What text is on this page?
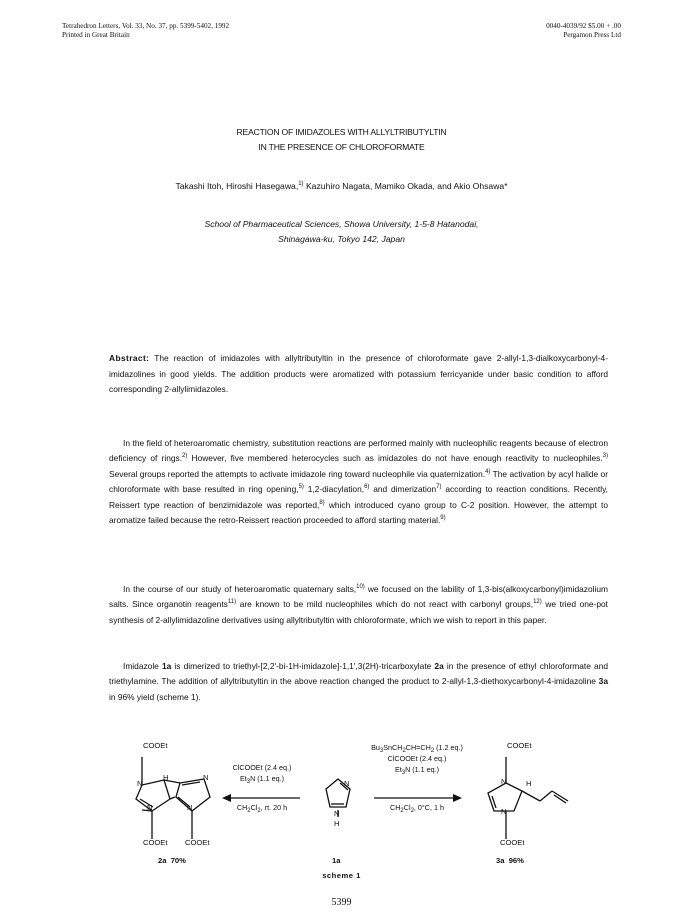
Tetrahedron Letters, Vol. 33, No. 37, pp. 5399-5402, 1992
Printed in Great Britain
0040-4039/92 $5.00 + .00
Pergamon Press Ltd
REACTION OF IMIDAZOLES WITH ALLYLTRIBUTYLTIN
IN THE PRESENCE OF CHLOROFORMATE
Takashi Itoh, Hiroshi Hasegawa,$^{1)}$ Kazuhiro Nagata, Mamiko Okada, and Akio Ohsawa*
School of Pharmaceutical Sciences, Showa University, 1-5-8 Hatanodai,
Shinagawa-ku, Tokyo 142, Japan

Abstract: The reaction of imidazoles with allyltributyltin in the presence of chloroformate gave 2-allyl-1,3-dialkoxycarbonyl-4-imidazolines in good yields. The addition products were aromatized with potassium ferricyanide under basic condition to afford corresponding 2-allylimidazoles.

In the field of heteroaromatic chemistry, substitution reactions are performed mainly with nucleophilic reagents because of electron deficiency of rings.$^{2)}$ However, five membered heterocycles such as imidazoles do not have enough reactivity to nucleophiles.$^{3)}$ Several groups reported the attempts to activate imidazole ring toward nucleophile via quaternization.$^{4)}$ The activation by acyl halide or chloroformate with base resulted in ring opening,$^{5)}$ 1,2-diacylation,$^{6)}$ and dimerization$^{7)}$ according to reaction conditions. Recently, Reissert type reaction of benzimidazole was reported,$^{8)}$ which introduced cyano group to C-2 position. However, the attempt to aromatize failed because the retro-Reissert reaction proceeded to afford starting material.$^{9)}$

In the course of our study of heteroaromatic quaternary salts,$^{10)}$ we focused on the lability of 1,3-bis(alkoxycarbonyl)imidazolium salts. Since organotin reagents$^{11)}$ are known to be mild nucleophiles which do not react with carbonyl groups,$^{12)}$ we tried one-pot synthesis of 2-allylimidazoline derivatives using allyltributyltin with chloroformate, which we wish to report in this paper.

Imidazole 1a is dimerized to triethyl-[2,2'-bi-1H-imidazole]-1,1',3(2H)-tricarboxylate 2a in the presence of ethyl chloroformate and triethylamine. The addition of allyltributyltin in the above reaction changed the product to 2-allyl-1,3-diethoxycarbonyl-4-imidazoline 3a in 96% yield (scheme 1).

COOEt
N
H	N
N	N
COOEt COOEt
2a 70%
ClCOOEt (2.4 eq.)
$Et_3N$ (1.1 eq.)
$CH_2Cl_2$, rt. 20 h
N
N
H
1a
$Bu_3SnCH_2CH=CH_2$ (1.2 eq.)
ClCOOEt (2.4 eq.)
$Et_3N$ (1.1 eq.)
$CH_2Cl_2$, 0°C, 1 h
COOEt
N	H
N
COOEt
3a 96%
scheme 1
5399
